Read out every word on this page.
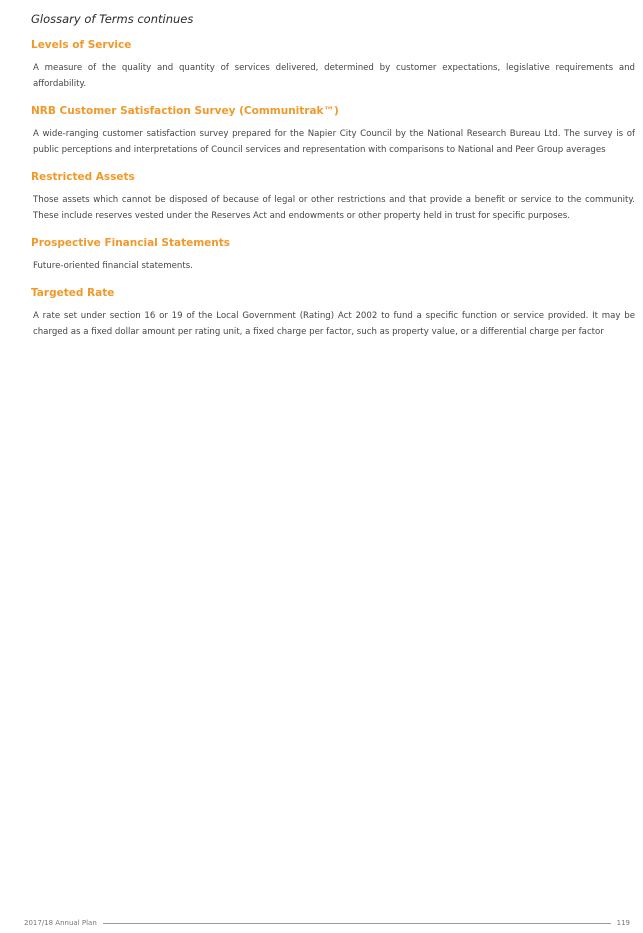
Glossary of Terms continues
Levels of Service

A measure of the quality and quantity of services delivered, determined by customer expectations, legislative requirements and affordability.

NRB Customer Satisfaction Survey (Communitrak™)

A wide-ranging customer satisfaction survey prepared for the Napier City Council by the National Research Bureau Ltd. The survey is of public perceptions and interpretations of Council services and representation with comparisons to National and Peer Group averages

Restricted Assets

Those assets which cannot be disposed of because of legal or other restrictions and that provide a benefit or service to the community. These include reserves vested under the Reserves Act and endowments or other property held in trust for specific purposes.

Prospective Financial Statements

Future-oriented financial statements.

Targeted Rate

A rate set under section 16 or 19 of the Local Government (Rating) Act 2002 to fund a specific function or service provided. It may be charged as a fixed dollar amount per rating unit, a fixed charge per factor, such as property value, or a differential charge per factor

2017/18 Annual Plan	119
